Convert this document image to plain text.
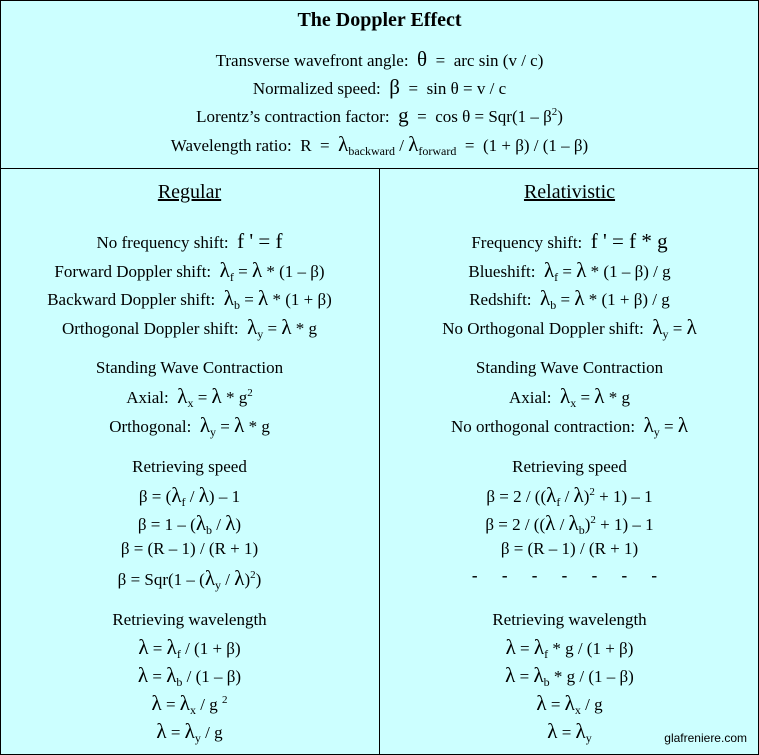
The Doppler Effect
Transverse wavefront angle: θ  =  arc sin (v / c)
Normalized speed: β  =  sin θ = v / c
Lorentz’s contraction factor: $g = \cos \theta = Sqr(1 - \beta^2)$
Wavelength ratio:  $R = \lambda_{backward} / \lambda_{forward} = (1 + \beta) / (1 - \beta)$
Regular
No frequency shift: f ' = f
Forward Doppler shift: $\lambda_f = \lambda * (1 - \beta)$
Backward Doppler shift: $\lambda_b = \lambda * (1 + \beta)$
Orthogonal Doppler shift: $\lambda_y = \lambda * g$
Standing Wave Contraction
Axial: $\lambda_x = \lambda * g^2$
Orthogonal: $\lambda_y = \lambda * g$
Retrieving speed
$\beta = (\lambda_f / \lambda) - 1$
$\beta = 1 - (\lambda_b / \lambda)$
β = (R – 1) / (R + 1)
$\beta = Sqr(1 - (\lambda_y / \lambda)^2)$
Retrieving wavelength
$\lambda = \lambda_f / (1 + \beta)$
$\lambda = \lambda_b / (1 - \beta)$
$\lambda = \lambda_x / g$ $^2$
$\lambda = \lambda_y / g$
Relativistic
Frequency shift: f ' = f * g
Blueshift: $\lambda_f = \lambda * (1 - \beta) / g$
Redshift: $\lambda_b = \lambda * (1 + \beta) / g$
No Orthogonal Doppler shift: $\lambda_y = \lambda$
Standing Wave Contraction
Axial: $\lambda_x = \lambda * g$
No orthogonal contraction: $\lambda_y = \lambda$
Retrieving speed
$\beta = 2 / ((\lambda_f / \lambda)^2 + 1) - 1$
$\beta = 2 / ((\lambda / \lambda_b)^2 + 1) - 1$
β = (R – 1) / (R + 1)
- - - - - - -
Retrieving wavelength
$\lambda = \lambda_f * g / (1 + \beta)$
$\lambda = \lambda_b * g / (1 - \beta)$
$\lambda = \lambda_x / g$
$\lambda = \lambda_y$	glafreniere.com
